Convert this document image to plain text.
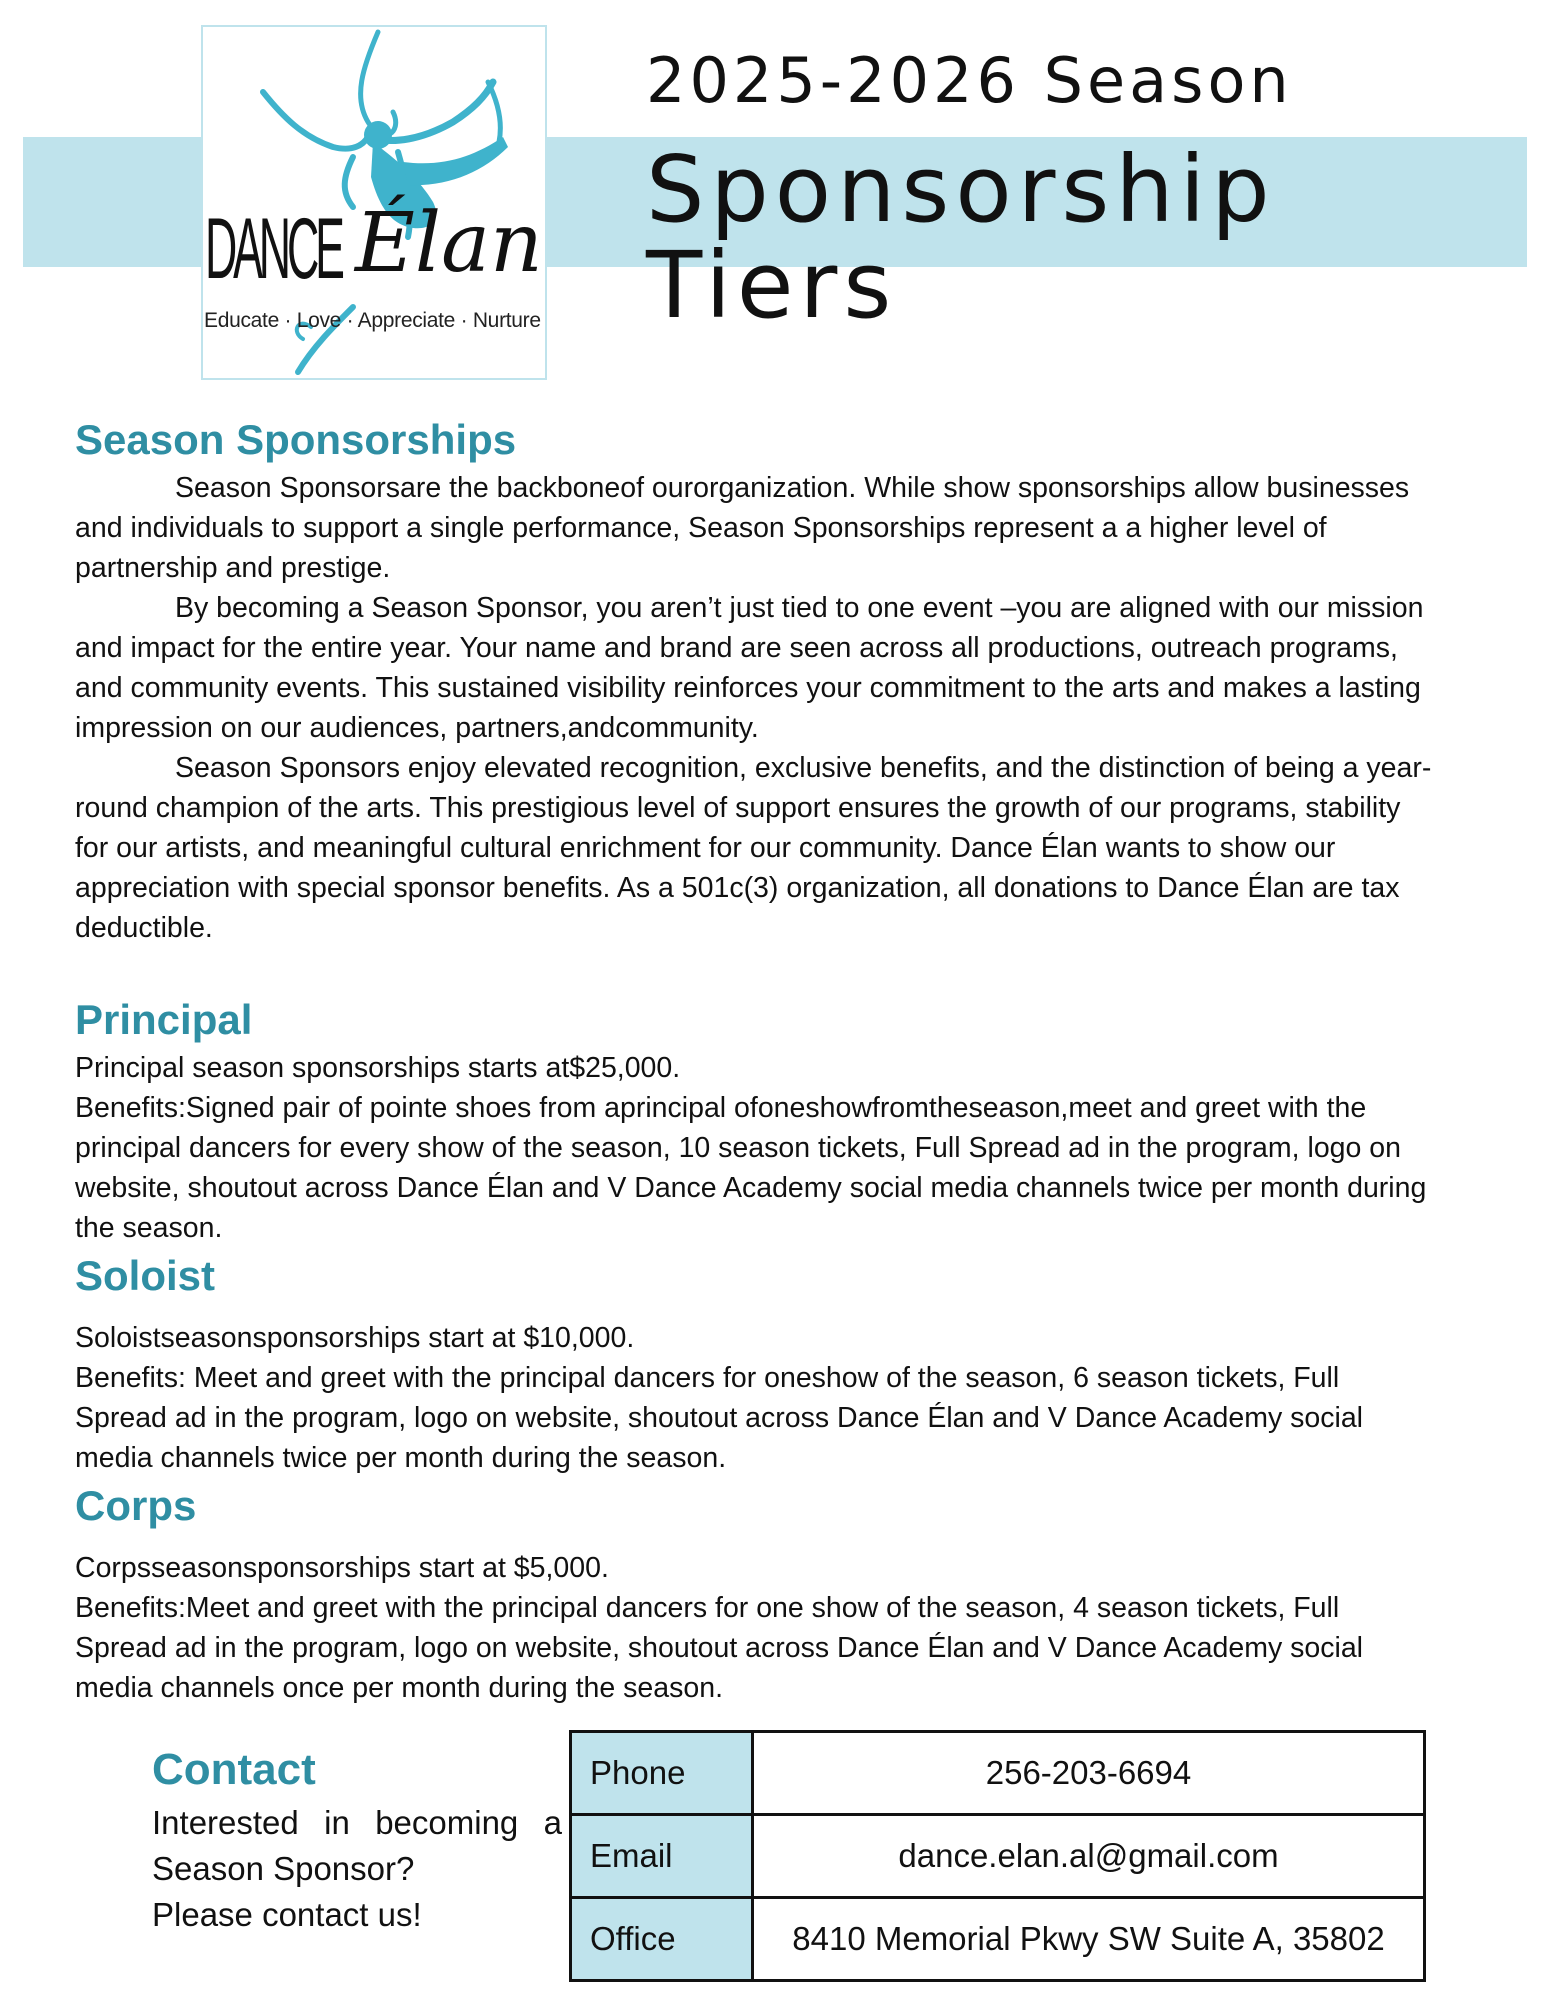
DANCE Élan
Educate · Love · Appreciate · Nurture
2025-2026 Season
Sponsorship Tiers
Season Sponsorships

Season Sponsorsare the backboneof ourorganization. While show sponsorships allow businesses and individuals to support a single performance, Season Sponsorships represent a a higher level of partnership and prestige.

By becoming a Season Sponsor, you aren’t just tied to one event –you are aligned with our mission and impact for the entire year. Your name and brand are seen across all productions, outreach programs, and community events. This sustained visibility reinforces your commitment to the arts and makes a lasting impression on our audiences, partners,andcommunity.

Season Sponsors enjoy elevated recognition, exclusive benefits, and the distinction of being a year-round champion of the arts. This prestigious level of support ensures the growth of our programs, stability for our artists, and meaningful cultural enrichment for our community. Dance Élan wants to show our appreciation with special sponsor benefits. As a 501c(3) organization, all donations to Dance Élan are tax deductible.

Principal

Principal season sponsorships starts at$25,000.

Benefits:Signed pair of pointe shoes from aprincipal ofoneshowfromtheseason,meet and greet with the principal dancers for every show of the season, 10 season tickets, Full Spread ad in the program, logo on website, shoutout across Dance Élan and V Dance Academy social media channels twice per month during the season.

Soloist

Soloistseasonsponsorships start at $10,000.

Benefits: Meet and greet with the principal dancers for oneshow of the season, 6 season tickets, Full Spread ad in the program, logo on website, shoutout across Dance Élan and V Dance Academy social media channels twice per month during the season.

Corps

Corpsseasonsponsorships start at $5,000.

Benefits:Meet and greet with the principal dancers for one show of the season, 4 season tickets, Full Spread ad in the program, logo on website, shoutout across Dance Élan and V Dance Academy social media channels once per month during the season.

Contact

Interested in becoming a

Season Sponsor?

Please contact us!

Phone	256-203-6694
Email	dance.elan.al@gmail.com
Office	8410 Memorial Pkwy SW Suite A, 35802
